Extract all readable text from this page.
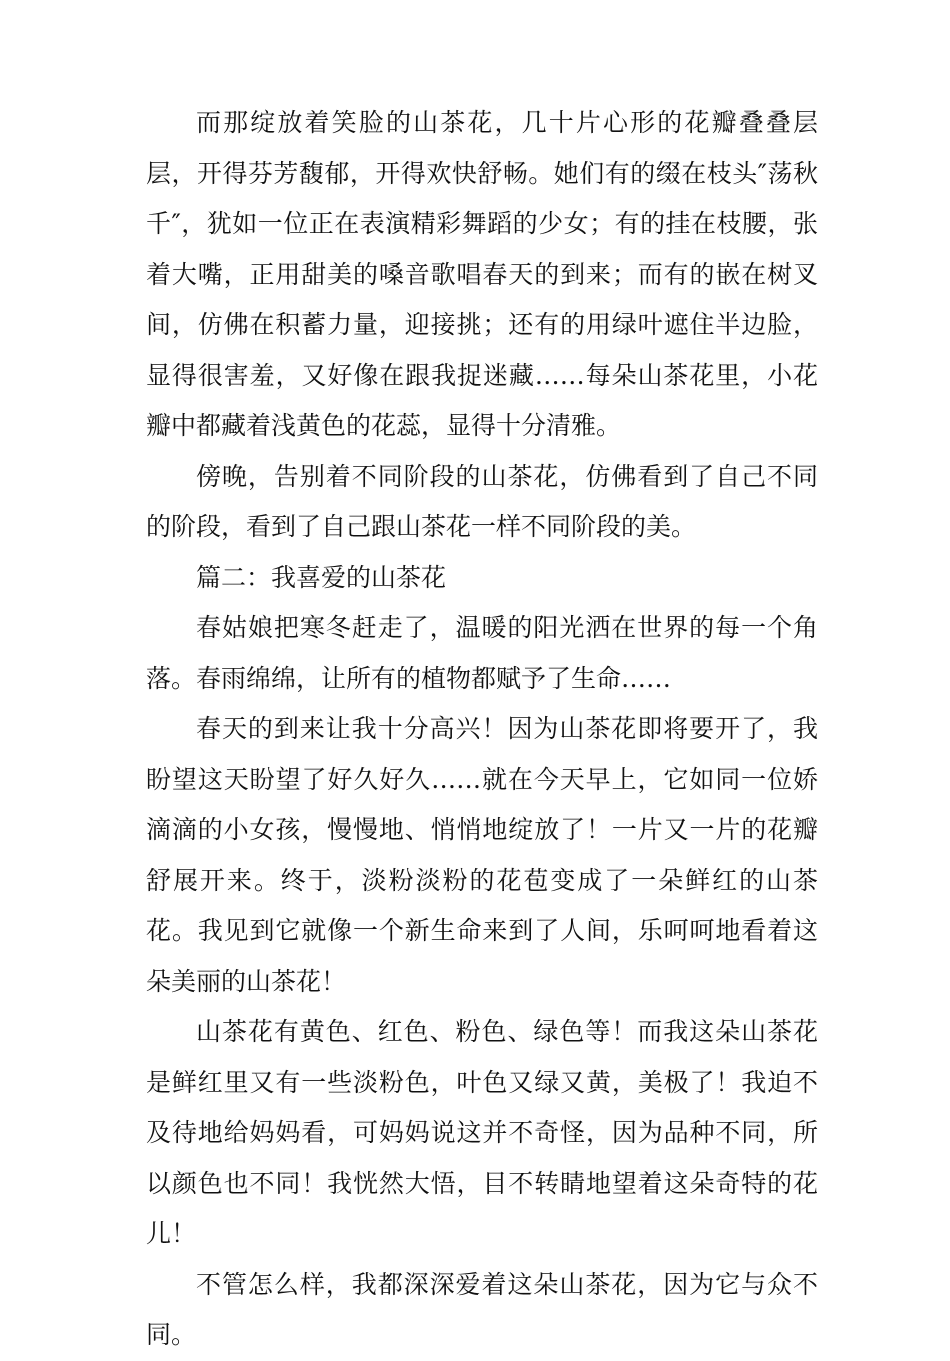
而那绽放着笑脸的山茶花，几十片心形的花瓣叠叠层层，开得芬芳馥郁，开得欢快舒畅。她们有的缀在枝头″荡秋千″，犹如一位正在表演精彩舞蹈的少女；有的挂在枝腰，张着大嘴，正用甜美的嗓音歌唱春天的到来；而有的嵌在树叉间，仿佛在积蓄力量，迎接挑；还有的用绿叶遮住半边脸，显得很害羞，又好像在跟我捉迷藏……每朵山茶花里，小花瓣中都藏着浅黄色的花蕊，显得十分清雅。

傍晚，告别着不同阶段的山茶花，仿佛看到了自己不同的阶段，看到了自己跟山茶花一样不同阶段的美。

篇二：我喜爱的山茶花

春姑娘把寒冬赶走了，温暖的阳光洒在世界的每一个角落。春雨绵绵，让所有的植物都赋予了生命……

春天的到来让我十分高兴！因为山茶花即将要开了，我盼望这天盼望了好久好久……就在今天早上，它如同一位娇滴滴的小女孩，慢慢地、悄悄地绽放了！一片又一片的花瓣舒展开来。终于，淡粉淡粉的花苞变成了一朵鲜红的山茶花。我见到它就像一个新生命来到了人间，乐呵呵地看着这朵美丽的山茶花！

山茶花有黄色、红色、粉色、绿色等！而我这朵山茶花是鲜红里又有一些淡粉色，叶色又绿又黄，美极了！我迫不及待地给妈妈看，可妈妈说这并不奇怪，因为品种不同，所以颜色也不同！我恍然大悟，目不转睛地望着这朵奇特的花儿！

不管怎么样，我都深深爱着这朵山茶花，因为它与众不同。
